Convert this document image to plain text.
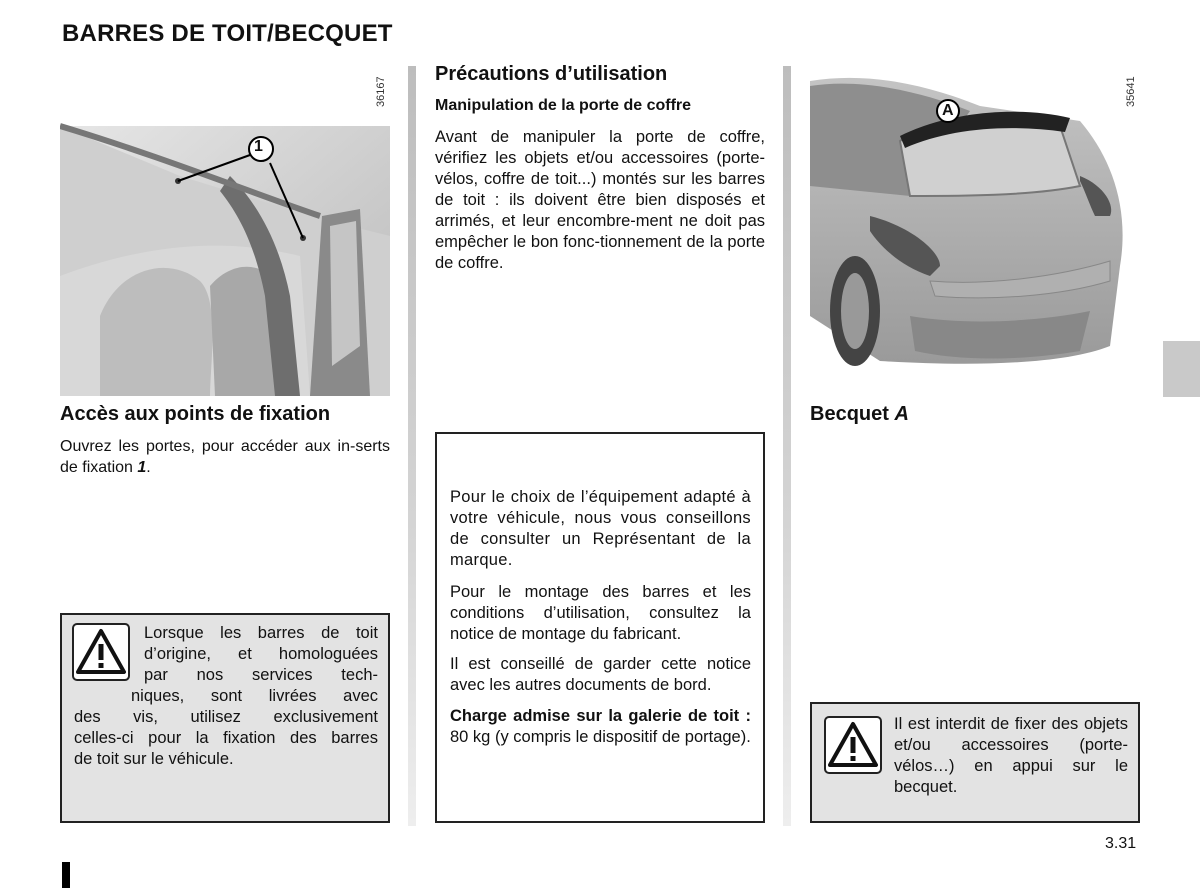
BARRES DE TOIT/BECQUET
1
36167
Accès aux points de fixation
Ouvrez les portes, pour accéder aux in-serts de fixation 1.
Lorsque les barres de toit
d’origine, et homologuées
par nos services tech-
niques, sont livrées avec
des vis, utilisez exclusivement
celles-ci pour la fixation des barres
de toit sur le véhicule.
Précautions d’utilisation
Manipulation de la porte de coffre
Avant de manipuler la porte de coffre, vérifiez les objets et/ou accessoires (porte-vélos, coffre de toit...) montés sur les barres de toit : ils doivent être bien disposés et arrimés, et leur encombre-ment ne doit pas empêcher le bon fonc-tionnement de la porte de coffre.
Pour le choix de l’équipement adapté à votre véhicule, nous vous conseillons de consulter un Représentant de la marque.
Pour le montage des barres et les conditions d’utilisation, consultez la notice de montage du fabricant.
Il est conseillé de garder cette notice avec les autres documents de bord.
Charge admise sur la galerie de toit : 80 kg (y compris le dispositif de portage).
A
35641
Becquet A
Il est interdit de fixer des objets et/ou accessoires (porte-vélos…) en appui sur le becquet.
3.31
